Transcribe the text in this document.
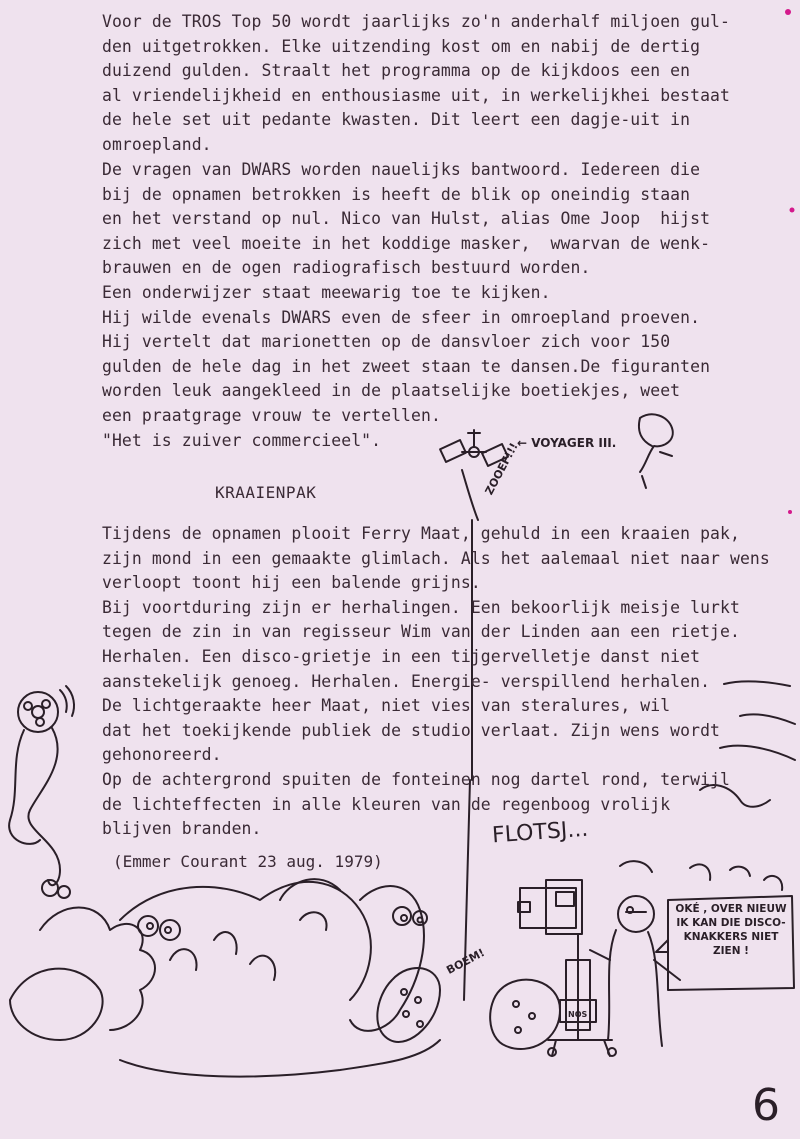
Voor de TROS Top 50 wordt jaarlijks zo'n anderhalf miljoen gul-
den uitgetrokken. Elke uitzending kost om en nabij de dertig
duizend gulden. Straalt het programma op de kijkdoos een en
al vriendelijkheid en enthousiasme uit, in werkelijkhei bestaat
de hele set uit pedante kwasten. Dit leert een dagje-uit in
omroepland.

De vragen van DWARS worden nauelijks bantwoord. Iedereen die
bij de opnamen betrokken is heeft de blik op oneindig staan
en het verstand op nul. Nico van Hulst, alias Ome Joop  hijst
zich met veel moeite in het koddige masker,  wwarvan de wenk-
brauwen en de ogen radiografisch bestuurd worden.
Een onderwijzer staat meewarig toe te kijken.
Hij wilde evenals DWARS even de sfeer in omroepland proeven.
Hij vertelt dat marionetten op de dansvloer zich voor 150
gulden de hele dag in het zweet staan te dansen.De figuranten
worden leuk aangekleed in de plaatselijke boetiekjes, weet
een praatgrage vrouw te vertellen.
"Het is zuiver commercieel".

KRAAIENPAK

Tijdens de opnamen plooit Ferry Maat, gehuld in een kraaien pak,
zijn mond in een gemaakte glimlach. Als het aalemaal niet naar wens
verloopt toont hij een balende grijns.
Bij voortduring zijn er herhalingen. Een bekoorlijk meisje lurkt
tegen de zin in van regisseur Wim van der Linden aan een rietje.
Herhalen. Een disco-grietje in een tijgervelletje danst niet
aanstekelijk genoeg. Herhalen. Energie- verspillend herhalen.
De lichtgeraakte heer Maat, niet vies van steralures, wil
dat het toekijkende publiek de studio verlaat. Zijn wens wordt
gehonoreerd.
Op de achtergrond spuiten de fonteinen nog dartel rond, terwijl
de lichteffecten in alle kleuren van de regenboog vrolijk
blijven branden.

(Emmer Courant 23 aug. 1979)
← VOYAGER III.
ZOOEF!!!
FLOTSJ...
BOEM!
NOS
OKÉ , OVER NIEUW
IK KAN DIE DISCO-
KNAKKERS NIET
ZIEN !
6
